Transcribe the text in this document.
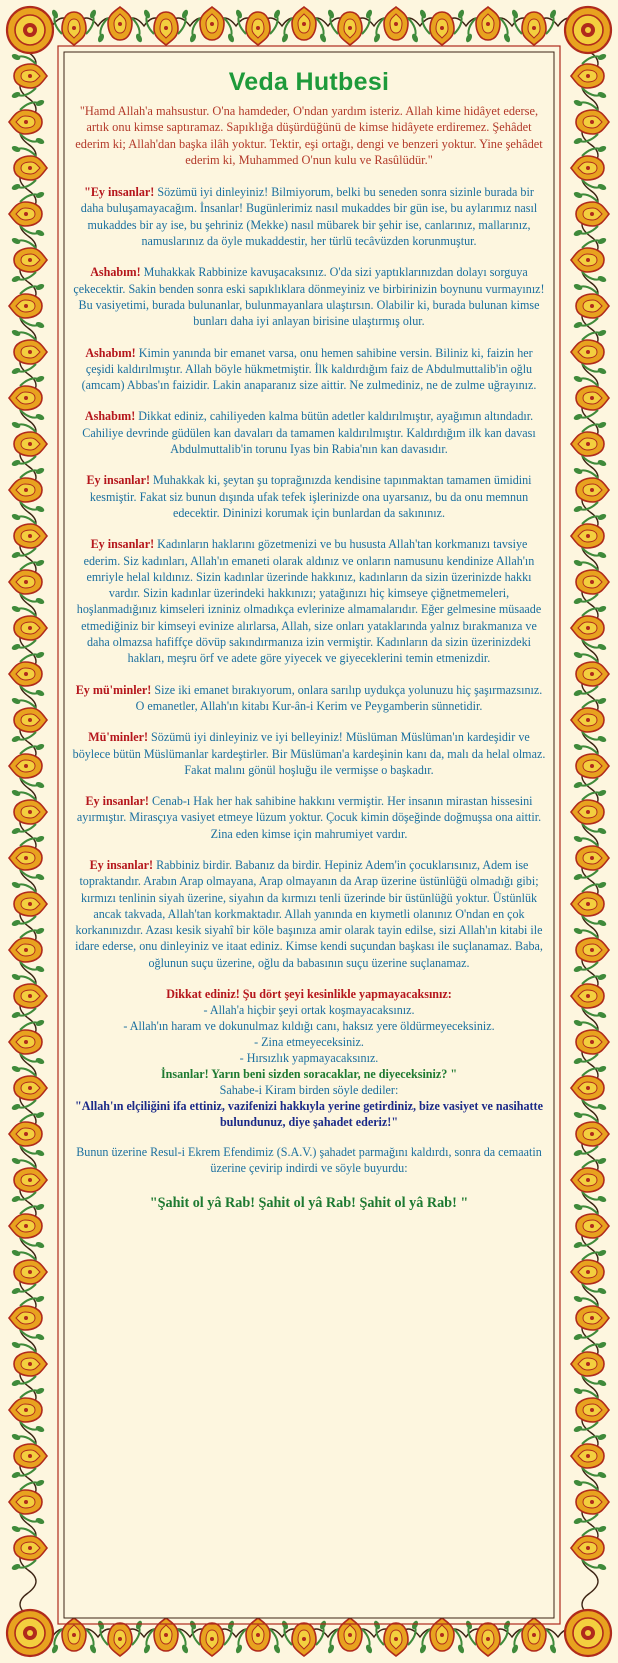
Veda Hutbesi

"Hamd Allah'a mahsustur. O'na hamdeder, O'ndan yardım isteriz. Allah kime hidâyet ederse, artık onu kimse saptıramaz. Sapıklığa düşürdüğünü de kimse hidâyete erdiremez. Şehâdet ederim ki; Allah'dan başka ilâh yoktur. Tektir, eşi ortağı, dengi ve benzeri yoktur. Yine şehâdet ederim ki, Muhammed O'nun kulu ve Rasûlüdür."

"Ey insanlar! Sözümü iyi dinleyiniz! Bilmiyorum, belki bu seneden sonra sizinle burada bir daha buluşamayacağım. İnsanlar! Bugünlerimiz nasıl mukaddes bir gün ise, bu aylarımız nasıl mukaddes bir ay ise, bu şehriniz (Mekke) nasıl mübarek bir şehir ise, canlarınız, mallarınız, namuslarınız da öyle mukaddestir, her türlü tecâvüzden korunmuştur.

Ashabım! Muhakkak Rabbinize kavuşacaksınız. O'da sizi yaptıklarınızdan dolayı sorguya çekecektir. Sakin benden sonra eski sapıklıklara dönmeyiniz ve birbirinizin boynunu vurmayınız! Bu vasiyetimi, burada bulunanlar, bulunmayanlara ulaştırsın. Olabilir ki, burada bulunan kimse bunları daha iyi anlayan birisine ulaştırmış olur.

Ashabım! Kimin yanında bir emanet varsa, onu hemen sahibine versin. Biliniz ki, faizin her çeşidi kaldırılmıştır. Allah böyle hükmetmiştir. İlk kaldırdığım faiz de Abdulmuttalib'in oğlu (amcam) Abbas'ın faizidir. Lakin anaparanız size aittir. Ne zulmediniz, ne de zulme uğrayınız.

Ashabım! Dikkat ediniz, cahiliyeden kalma bütün adetler kaldırılmıştır, ayağımın altındadır. Cahiliye devrinde güdülen kan davaları da tamamen kaldırılmıştır. Kaldırdığım ilk kan davası Abdulmuttalib'in torunu Iyas bin Rabia'nın kan davasıdır.

Ey insanlar! Muhakkak ki, şeytan şu toprağınızda kendisine tapınmaktan tamamen ümidini kesmiştir. Fakat siz bunun dışında ufak tefek işlerinizde ona uyarsanız, bu da onu memnun edecektir. Dininizi korumak için bunlardan da sakınınız.

Ey insanlar! Kadınların haklarını gözetmenizi ve bu hususta Allah'tan korkmanızı tavsiye ederim. Siz kadınları, Allah'ın emaneti olarak aldınız ve onların namusunu kendinize Allah'ın emriyle helal kıldınız. Sizin kadınlar üzerinde hakkınız, kadınların da sizin üzerinizde hakkı vardır. Sizin kadınlar üzerindeki hakkınızı; yatağınızı hiç kimseye çiğnetmemeleri, hoşlanmadığınız kimseleri izniniz olmadıkça evlerinize almamalarıdır. Eğer gelmesine müsaade etmediğiniz bir kimseyi evinize alırlarsa, Allah, size onları yataklarında yalnız bırakmanıza ve daha olmazsa hafiffçe dövüp sakındırmanıza izin vermiştir. Kadınların da sizin üzerinizdeki hakları, meşru örf ve adete göre yiyecek ve giyeceklerini temin etmenizdir.

Ey mü'minler! Size iki emanet bırakıyorum, onlara sarılıp uydukça yolunuzu hiç şaşırmazsınız. O emanetler, Allah'ın kitabı Kur-ân-i Kerim ve Peygamberin sünnetidir.

Mü'minler! Sözümü iyi dinleyiniz ve iyi belleyiniz! Müslüman Müslüman'ın kardeşidir ve böylece bütün Müslümanlar kardeştirler. Bir Müslüman'a kardeşinin kanı da, malı da helal olmaz. Fakat malını gönül hoşluğu ile vermişse o başkadır.

Ey insanlar! Cenab-ı Hak her hak sahibine hakkını vermiştir. Her insanın mirastan hissesini ayırmıştır. Mirasçıya vasiyet etmeye lüzum yoktur. Çocuk kimin döşeğinde doğmuşsa ona aittir. Zina eden kimse için mahrumiyet vardır.

Ey insanlar! Rabbiniz birdir. Babanız da birdir. Hepiniz Adem'in çocuklarısınız, Adem ise topraktandır. Arabın Arap olmayana, Arap olmayanın da Arap üzerine üstünlüğü olmadığı gibi; kırmızı tenlinin siyah üzerine, siyahın da kırmızı tenli üzerinde bir üstünlüğü yoktur. Üstünlük ancak takvada, Allah'tan korkmaktadır. Allah yanında en kıymetli olanınız O'ndan en çok korkanınızdır. Azası kesik siyahî bir köle başınıza amir olarak tayin edilse, sizi Allah'ın kitabi ile idare ederse, onu dinleyiniz ve itaat ediniz. Kimse kendi suçundan başkası ile suçlanamaz. Baba, oğlunun suçu üzerine, oğlu da babasının suçu üzerine suçlanamaz.

Dikkat ediniz! Şu dört şeyi kesinlikle yapmayacaksınız:
- Allah'a hiçbir şeyi ortak koşmayacaksınız.
- Allah'ın haram ve dokunulmaz kıldığı canı, haksız yere öldürmeyeceksiniz.
- Zina etmeyeceksiniz.
- Hırsızlık yapmayacaksınız.
İnsanlar! Yarın beni sizden soracaklar, ne diyeceksiniz? "
Sahabe-i Kiram birden söyle dediler:
"Allah'ın elçiliğini ifa ettiniz, vazifenizi hakkıyla yerine getirdiniz, bize vasiyet ve nasihatte bulundunuz, diye şahadet ederiz!"

Bunun üzerine Resul-i Ekrem Efendimiz (S.A.V.) şahadet parmağını kaldırdı, sonra da cemaatin üzerine çevirip indirdi ve söyle buyurdu:

"Şahit ol yâ Rab! Şahit ol yâ Rab! Şahit ol yâ Rab! "
